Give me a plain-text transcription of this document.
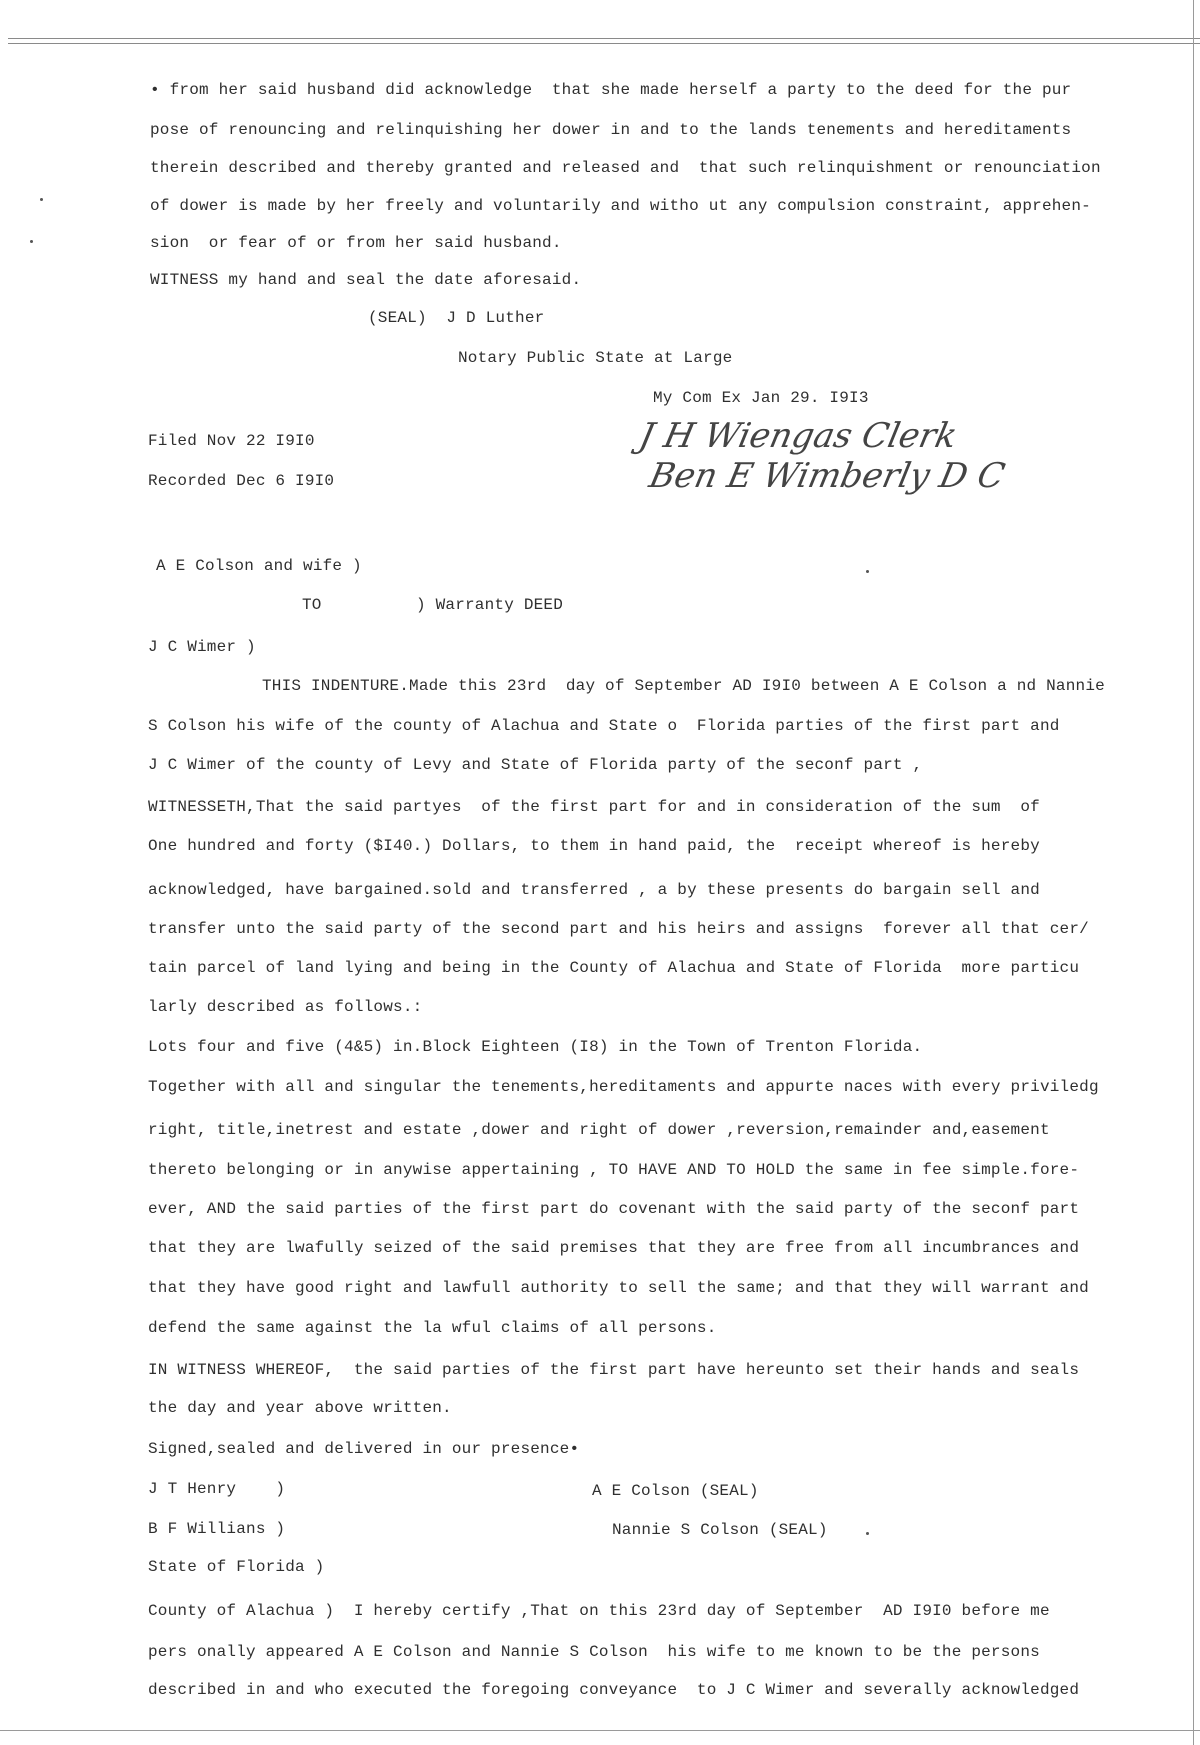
• from her said husband did acknowledge  that she made herself a party to the deed for the pur
pose of renouncing and relinquishing her dower in and to the lands tenements and hereditaments
therein described and thereby granted and released and  that such relinquishment or renounciation
of dower is made by her freely and voluntarily and witho ut any compulsion constraint, apprehen-
sion  or fear of or from her said husband.
WITNESS my hand and seal the date aforesaid.
(SEAL)  J D Luther
Notary Public State at Large
My Com Ex Jan 29. I9I3
Filed Nov 22 I9I0
Recorded Dec 6 I9I0
J H Wiengas Clerk
Ben E Wimberly D C
A E Colson and wife )
TO	) Warranty DEED
J C Wimer )
THIS INDENTURE.Made this 23rd  day of September AD I9I0 between A E Colson a nd Nannie
S Colson his wife of the county of Alachua and State o  Florida parties of the first part and
J C Wimer of the county of Levy and State of Florida party of the seconf part ,
WITNESSETH,That the said partyes  of the first part for and in consideration of the sum  of
One hundred and forty ($I40.) Dollars, to them in hand paid, the  receipt whereof is hereby
acknowledged, have bargained.sold and transferred , a by these presents do bargain sell and
transfer unto the said party of the second part and his heirs and assigns  forever all that cer/
tain parcel of land lying and being in the County of Alachua and State of Florida  more particu
larly described as follows.:
Lots four and five (4&5) in.Block Eighteen (I8) in the Town of Trenton Florida.
Together with all and singular the tenements,hereditaments and appurte naces with every priviledg
right, title,inetrest and estate ,dower and right of dower ,reversion,remainder and,easement
thereto belonging or in anywise appertaining , TO HAVE AND TO HOLD the same in fee simple.fore-
ever, AND the said parties of the first part do covenant with the said party of the seconf part
that they are lwafully seized of the said premises that they are free from all incumbrances and
that they have good right and lawfull authority to sell the same; and that they will warrant and
defend the same against the la wful claims of all persons.
IN WITNESS WHEREOF,  the said parties of the first part have hereunto set their hands and seals
the day and year above written.
Signed,sealed and delivered in our presence•
J T Henry    )
B F Willians )
A E Colson (SEAL)
Nannie S Colson (SEAL)
State of Florida )
County of Alachua )  I hereby certify ,That on this 23rd day of September  AD I9I0 before me
pers onally appeared A E Colson and Nannie S Colson  his wife to me known to be the persons
described in and who executed the foregoing conveyance  to J C Wimer and severally acknowledged
